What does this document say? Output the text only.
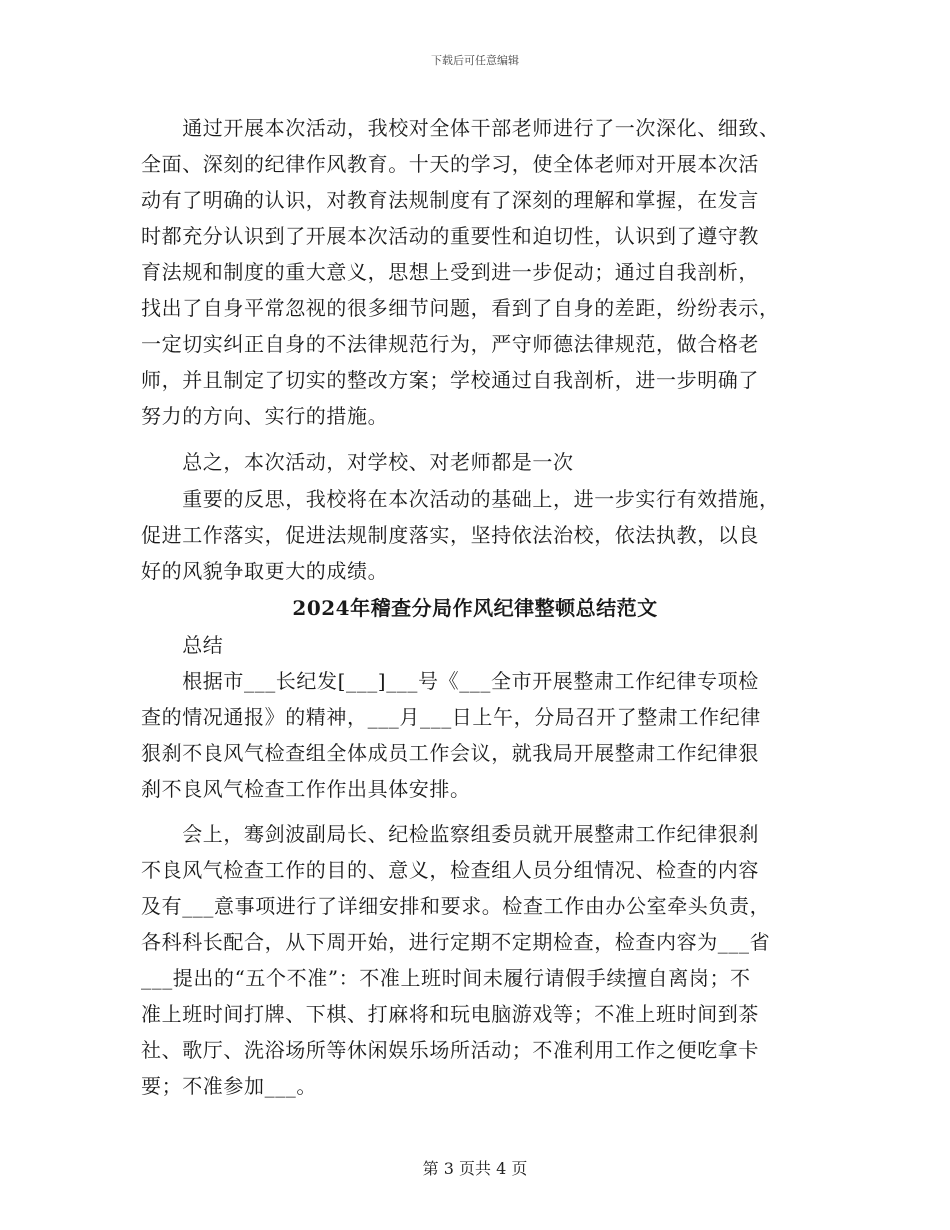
下载后可任意编辑
　　通过开展本次活动，我校对全体干部老师进行了一次深化、细致、
全面、深刻的纪律作风教育。十天的学习，使全体老师对开展本次活
动有了明确的认识，对教育法规制度有了深刻的理解和掌握，在发言
时都充分认识到了开展本次活动的重要性和迫切性，认识到了遵守教
育法规和制度的重大意义，思想上受到进一步促动；通过自我剖析，
找出了自身平常忽视的很多细节问题，看到了自身的差距，纷纷表示，
一定切实纠正自身的不法律规范行为，严守师德法律规范，做合格老
师，并且制定了切实的整改方案；学校通过自我剖析，进一步明确了
努力的方向、实行的措施。
　　总之，本次活动，对学校、对老师都是一次
　　重要的反思，我校将在本次活动的基础上，进一步实行有效措施，
促进工作落实，促进法规制度落实，坚持依法治校，依法执教，以良
好的风貌争取更大的成绩。
2024年稽查分局作风纪律整顿总结范文
　　总结
　　根据市___长纪发[___]___号《___全市开展整肃工作纪律专项检
查的情况通报》的精神，___月___日上午，分局召开了整肃工作纪律
狠刹不良风气检查组全体成员工作会议，就我局开展整肃工作纪律狠
刹不良风气检查工作作出具体安排。
　　会上，骞剑波副局长、纪检监察组委员就开展整肃工作纪律狠刹
不良风气检查工作的目的、意义，检查组人员分组情况、检查的内容
及有___意事项进行了详细安排和要求。检查工作由办公室牵头负责，
各科科长配合，从下周开始，进行定期不定期检查，检查内容为___省
___提出的“五个不准”：不准上班时间未履行请假手续擅自离岗；不
准上班时间打牌、下棋、打麻将和玩电脑游戏等；不准上班时间到茶
社、歌厅、洗浴场所等休闲娱乐场所活动；不准利用工作之便吃拿卡
要；不准参加___。
第 3 页共 4 页
